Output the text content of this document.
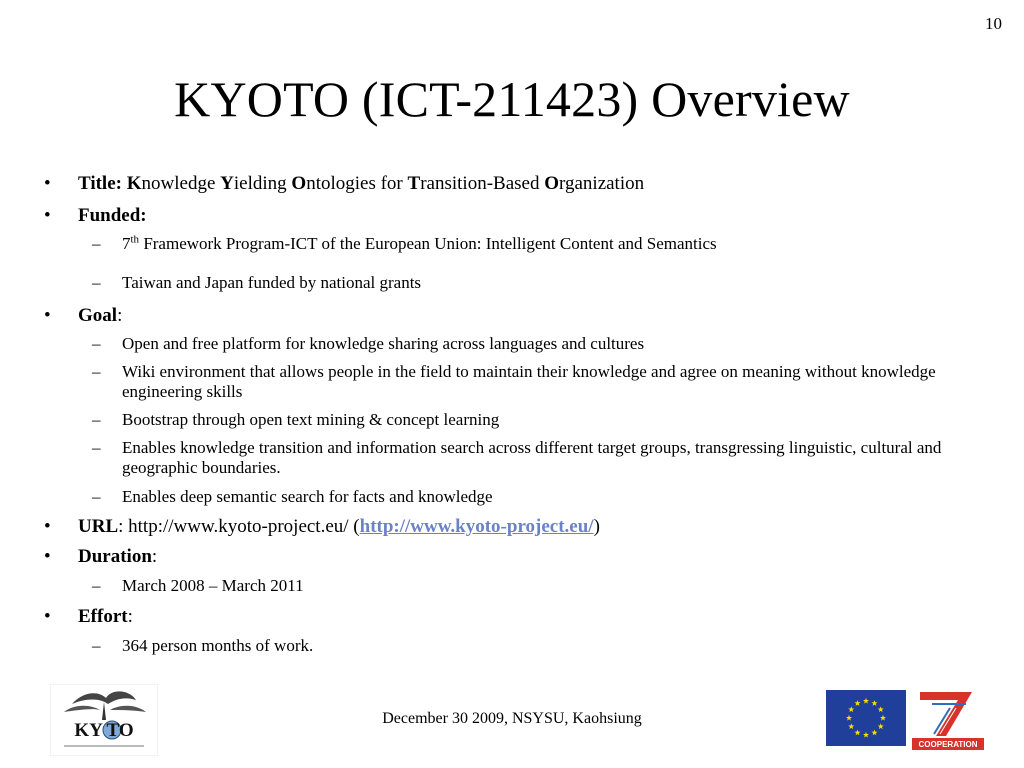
10
KYOTO (ICT-211423) Overview
• Title: Knowledge Yielding Ontologies for Transition-Based Organization
• Funded:
– 7th Framework Program-ICT of the European Union: Intelligent Content and Semantics
– Taiwan and Japan funded by national grants
• Goal:
– Open and free platform for knowledge sharing across languages and cultures
– Wiki environment that allows people in the field to maintain their knowledge and agree on meaning without knowledge engineering skills
– Bootstrap through open text mining & concept learning
– Enables knowledge transition and information search across different target groups, transgressing linguistic, cultural and geographic boundaries.
– Enables deep semantic search for facts and knowledge
• URL: http://www.kyoto-project.eu/ (http://www.kyoto-project.eu/)
• Duration:
– March 2008 – March 2011
• Effort:
– 364 person months of work.
KY TO
December 30 2009, NSYSU, Kaohsiung
COOPERATION
